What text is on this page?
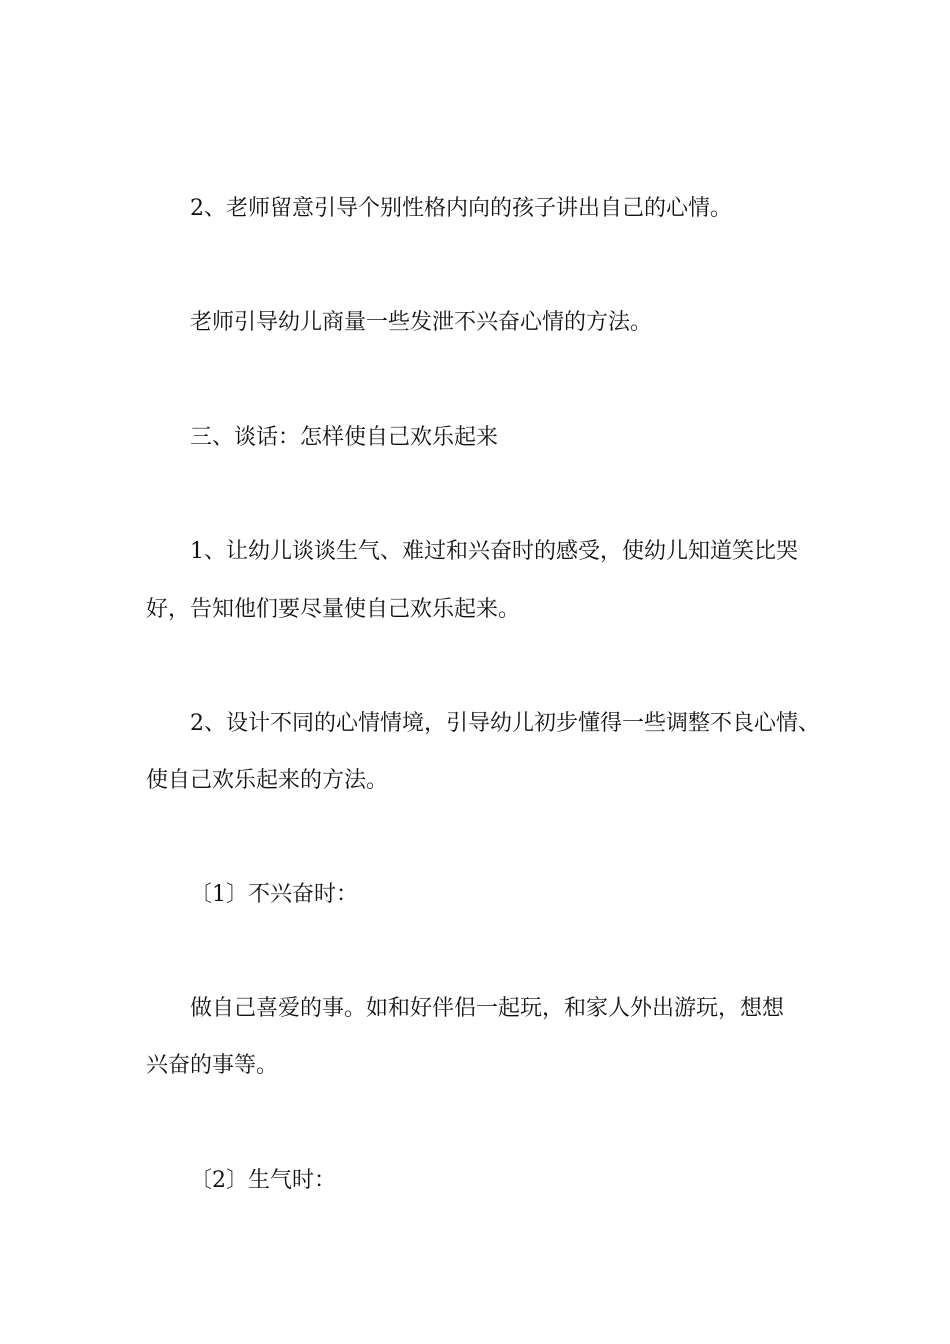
2、老师留意引导个别性格内向的孩子讲出自己的心情。

老师引导幼儿商量一些发泄不兴奋心情的方法。

三、谈话：怎样使自己欢乐起来

1、让幼儿谈谈生气、难过和兴奋时的感受，使幼儿知道笑比哭

好，告知他们要尽量使自己欢乐起来。

2、设计不同的心情情境，引导幼儿初步懂得一些调整不良心情、

使自己欢乐起来的方法。

〔1〕不兴奋时：

做自己喜爱的事。如和好伴侣一起玩，和家人外出游玩，想想

兴奋的事等。

〔2〕生气时：
